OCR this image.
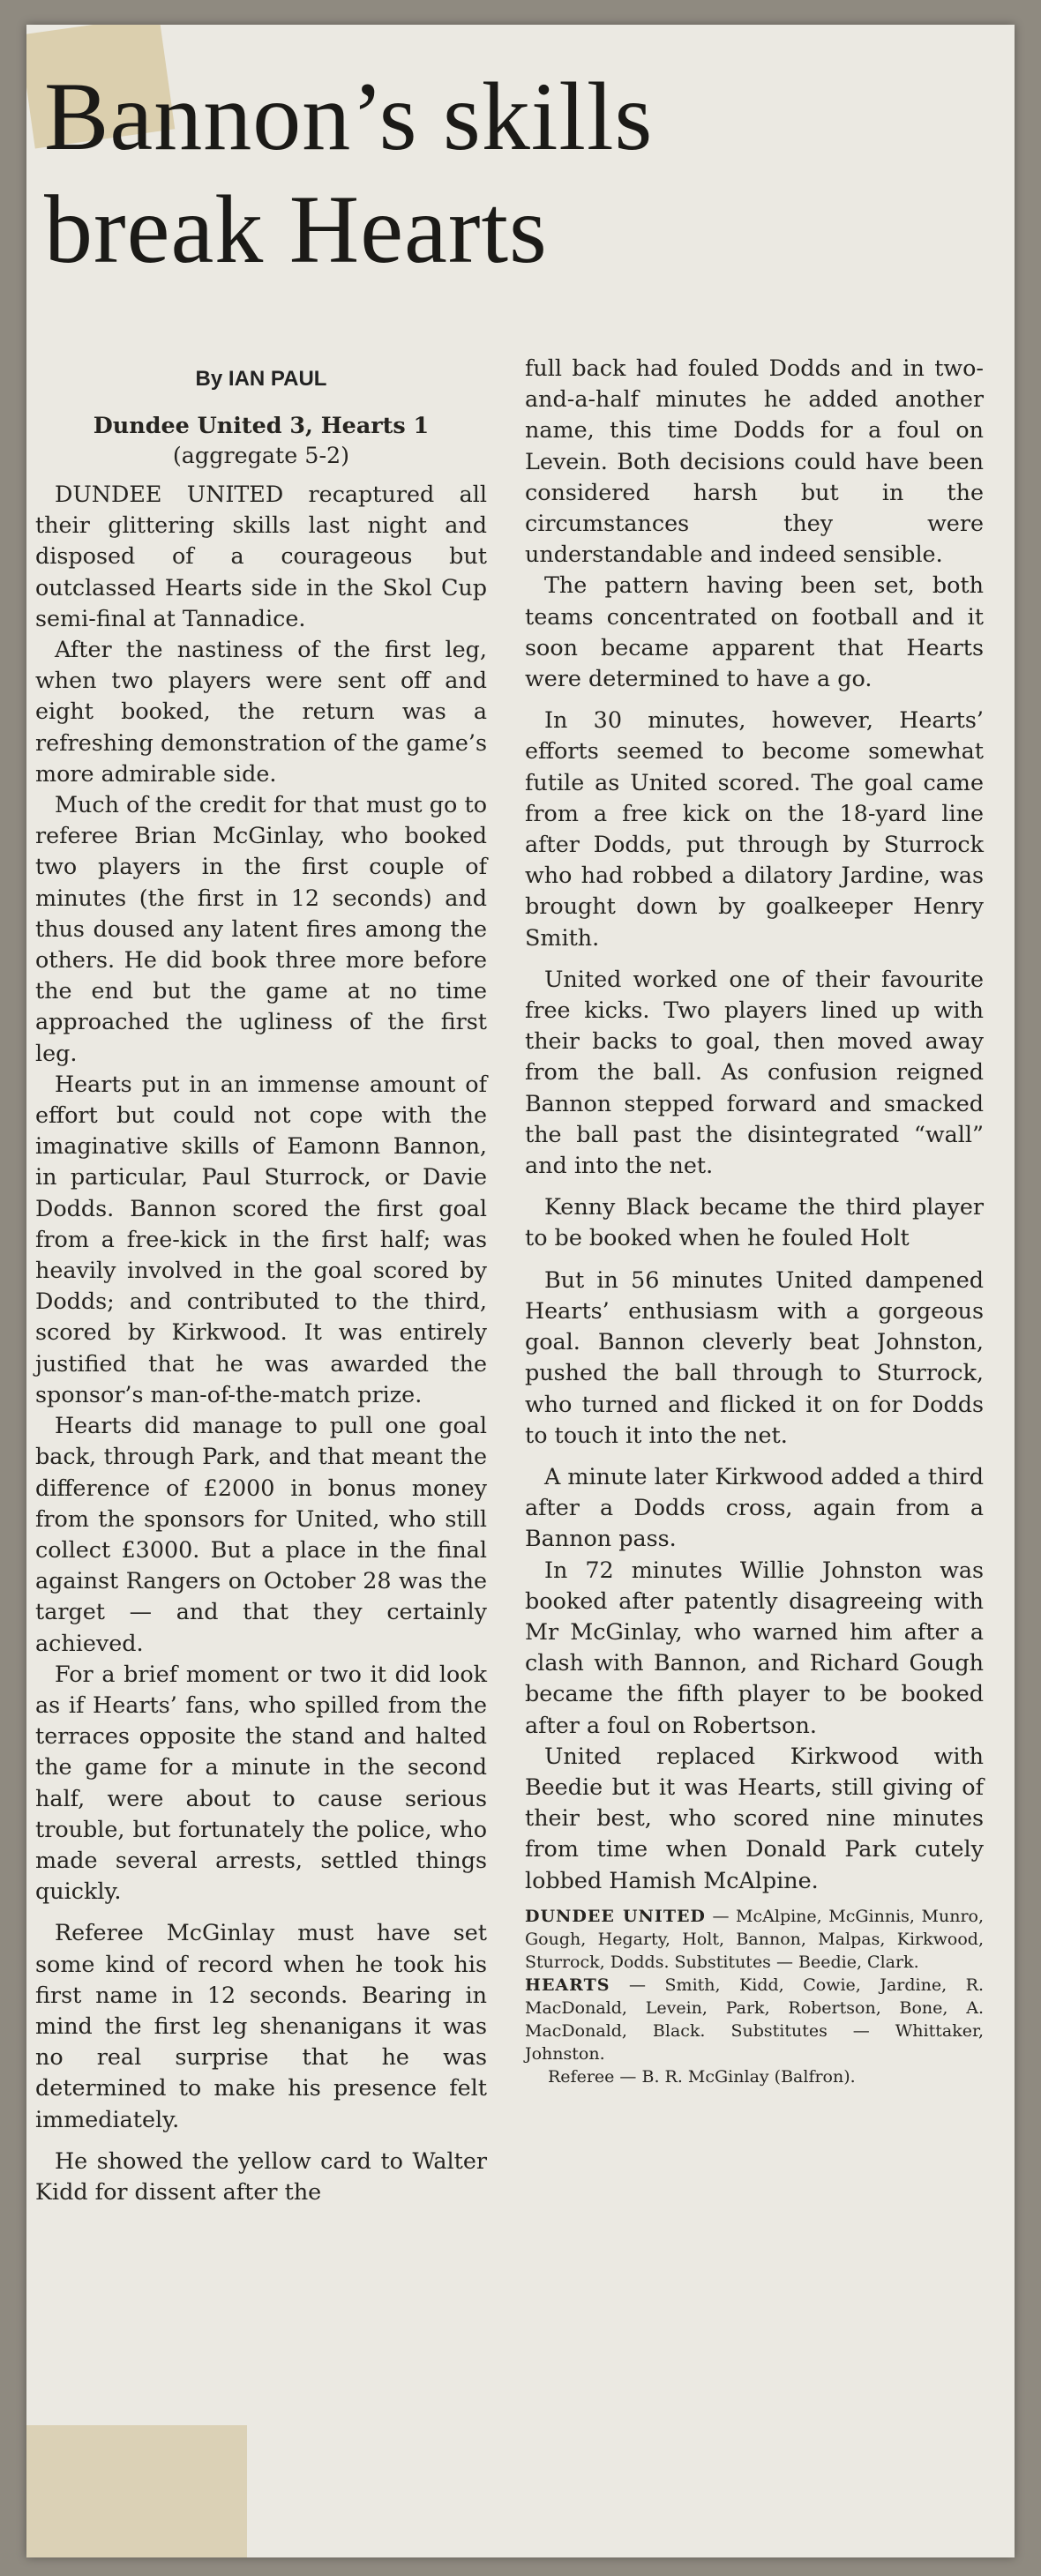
Bannon’s skills
break Hearts

By IAN PAUL

Dundee United 3, Hearts 1
(aggregate 5-2)

DUNDEE UNITED recaptured all their glittering skills last night and disposed of a courageous but outclassed Hearts side in the Skol Cup semi-final at Tannadice.

After the nastiness of the first leg, when two players were sent off and eight booked, the return was a refreshing demonstration of the game’s more admirable side.

Much of the credit for that must go to referee Brian McGinlay, who booked two players in the first couple of minutes (the first in 12 seconds) and thus doused any latent fires among the others. He did book three more before the end but the game at no time approached the ugliness of the first leg.

Hearts put in an immense amount of effort but could not cope with the imaginative skills of Eamonn Bannon, in particular, Paul Sturrock, or Davie Dodds. Bannon scored the first goal from a free-kick in the first half; was heavily involved in the goal scored by Dodds; and contributed to the third, scored by Kirkwood. It was entirely justified that he was awarded the sponsor’s man-of-the-match prize.

Hearts did manage to pull one goal back, through Park, and that meant the difference of £2000 in bonus money from the sponsors for United, who still collect £3000. But a place in the final against Rangers on October 28 was the target — and that they certainly achieved.

For a brief moment or two it did look as if Hearts’ fans, who spilled from the terraces opposite the stand and halted the game for a minute in the second half, were about to cause serious trouble, but fortunately the police, who made several arrests, settled things quickly.

Referee McGinlay must have set some kind of record when he took his first name in 12 seconds. Bearing in mind the first leg shenanigans it was no real surprise that he was determined to make his presence felt immediately.

He showed the yellow card to Walter Kidd for dissent after the

full back had fouled Dodds and in two-and-a-half minutes he added another name, this time Dodds for a foul on Levein. Both decisions could have been considered harsh but in the circumstances they were understandable and indeed sensible.

The pattern having been set, both teams concentrated on football and it soon became apparent that Hearts were determined to have a go.

In 30 minutes, however, Hearts’ efforts seemed to become somewhat futile as United scored. The goal came from a free kick on the 18-yard line after Dodds, put through by Sturrock who had robbed a dilatory Jardine, was brought down by goalkeeper Henry Smith.

United worked one of their favourite free kicks. Two players lined up with their backs to goal, then moved away from the ball. As confusion reigned Bannon stepped forward and smacked the ball past the disintegrated “wall” and into the net.

Kenny Black became the third player to be booked when he fouled Holt

But in 56 minutes United dampened Hearts’ enthusiasm with a gorgeous goal. Bannon cleverly beat Johnston, pushed the ball through to Sturrock, who turned and flicked it on for Dodds to touch it into the net.

A minute later Kirkwood added a third after a Dodds cross, again from a Bannon pass.

In 72 minutes Willie Johnston was booked after patently disagreeing with Mr McGinlay, who warned him after a clash with Bannon, and Richard Gough became the fifth player to be booked after a foul on Robertson.

United replaced Kirkwood with Beedie but it was Hearts, still giving of their best, who scored nine minutes from time when Donald Park cutely lobbed Hamish McAlpine.

DUNDEE UNITED — McAlpine, McGinnis, Munro, Gough, Hegarty, Holt, Bannon, Malpas, Kirkwood, Sturrock, Dodds. Substitutes — Beedie, Clark.

HEARTS — Smith, Kidd, Cowie, Jardine, R. MacDonald, Levein, Park, Robertson, Bone, A. MacDonald, Black. Substitutes — Whittaker, Johnston.

Referee — B. R. McGinlay (Balfron).
